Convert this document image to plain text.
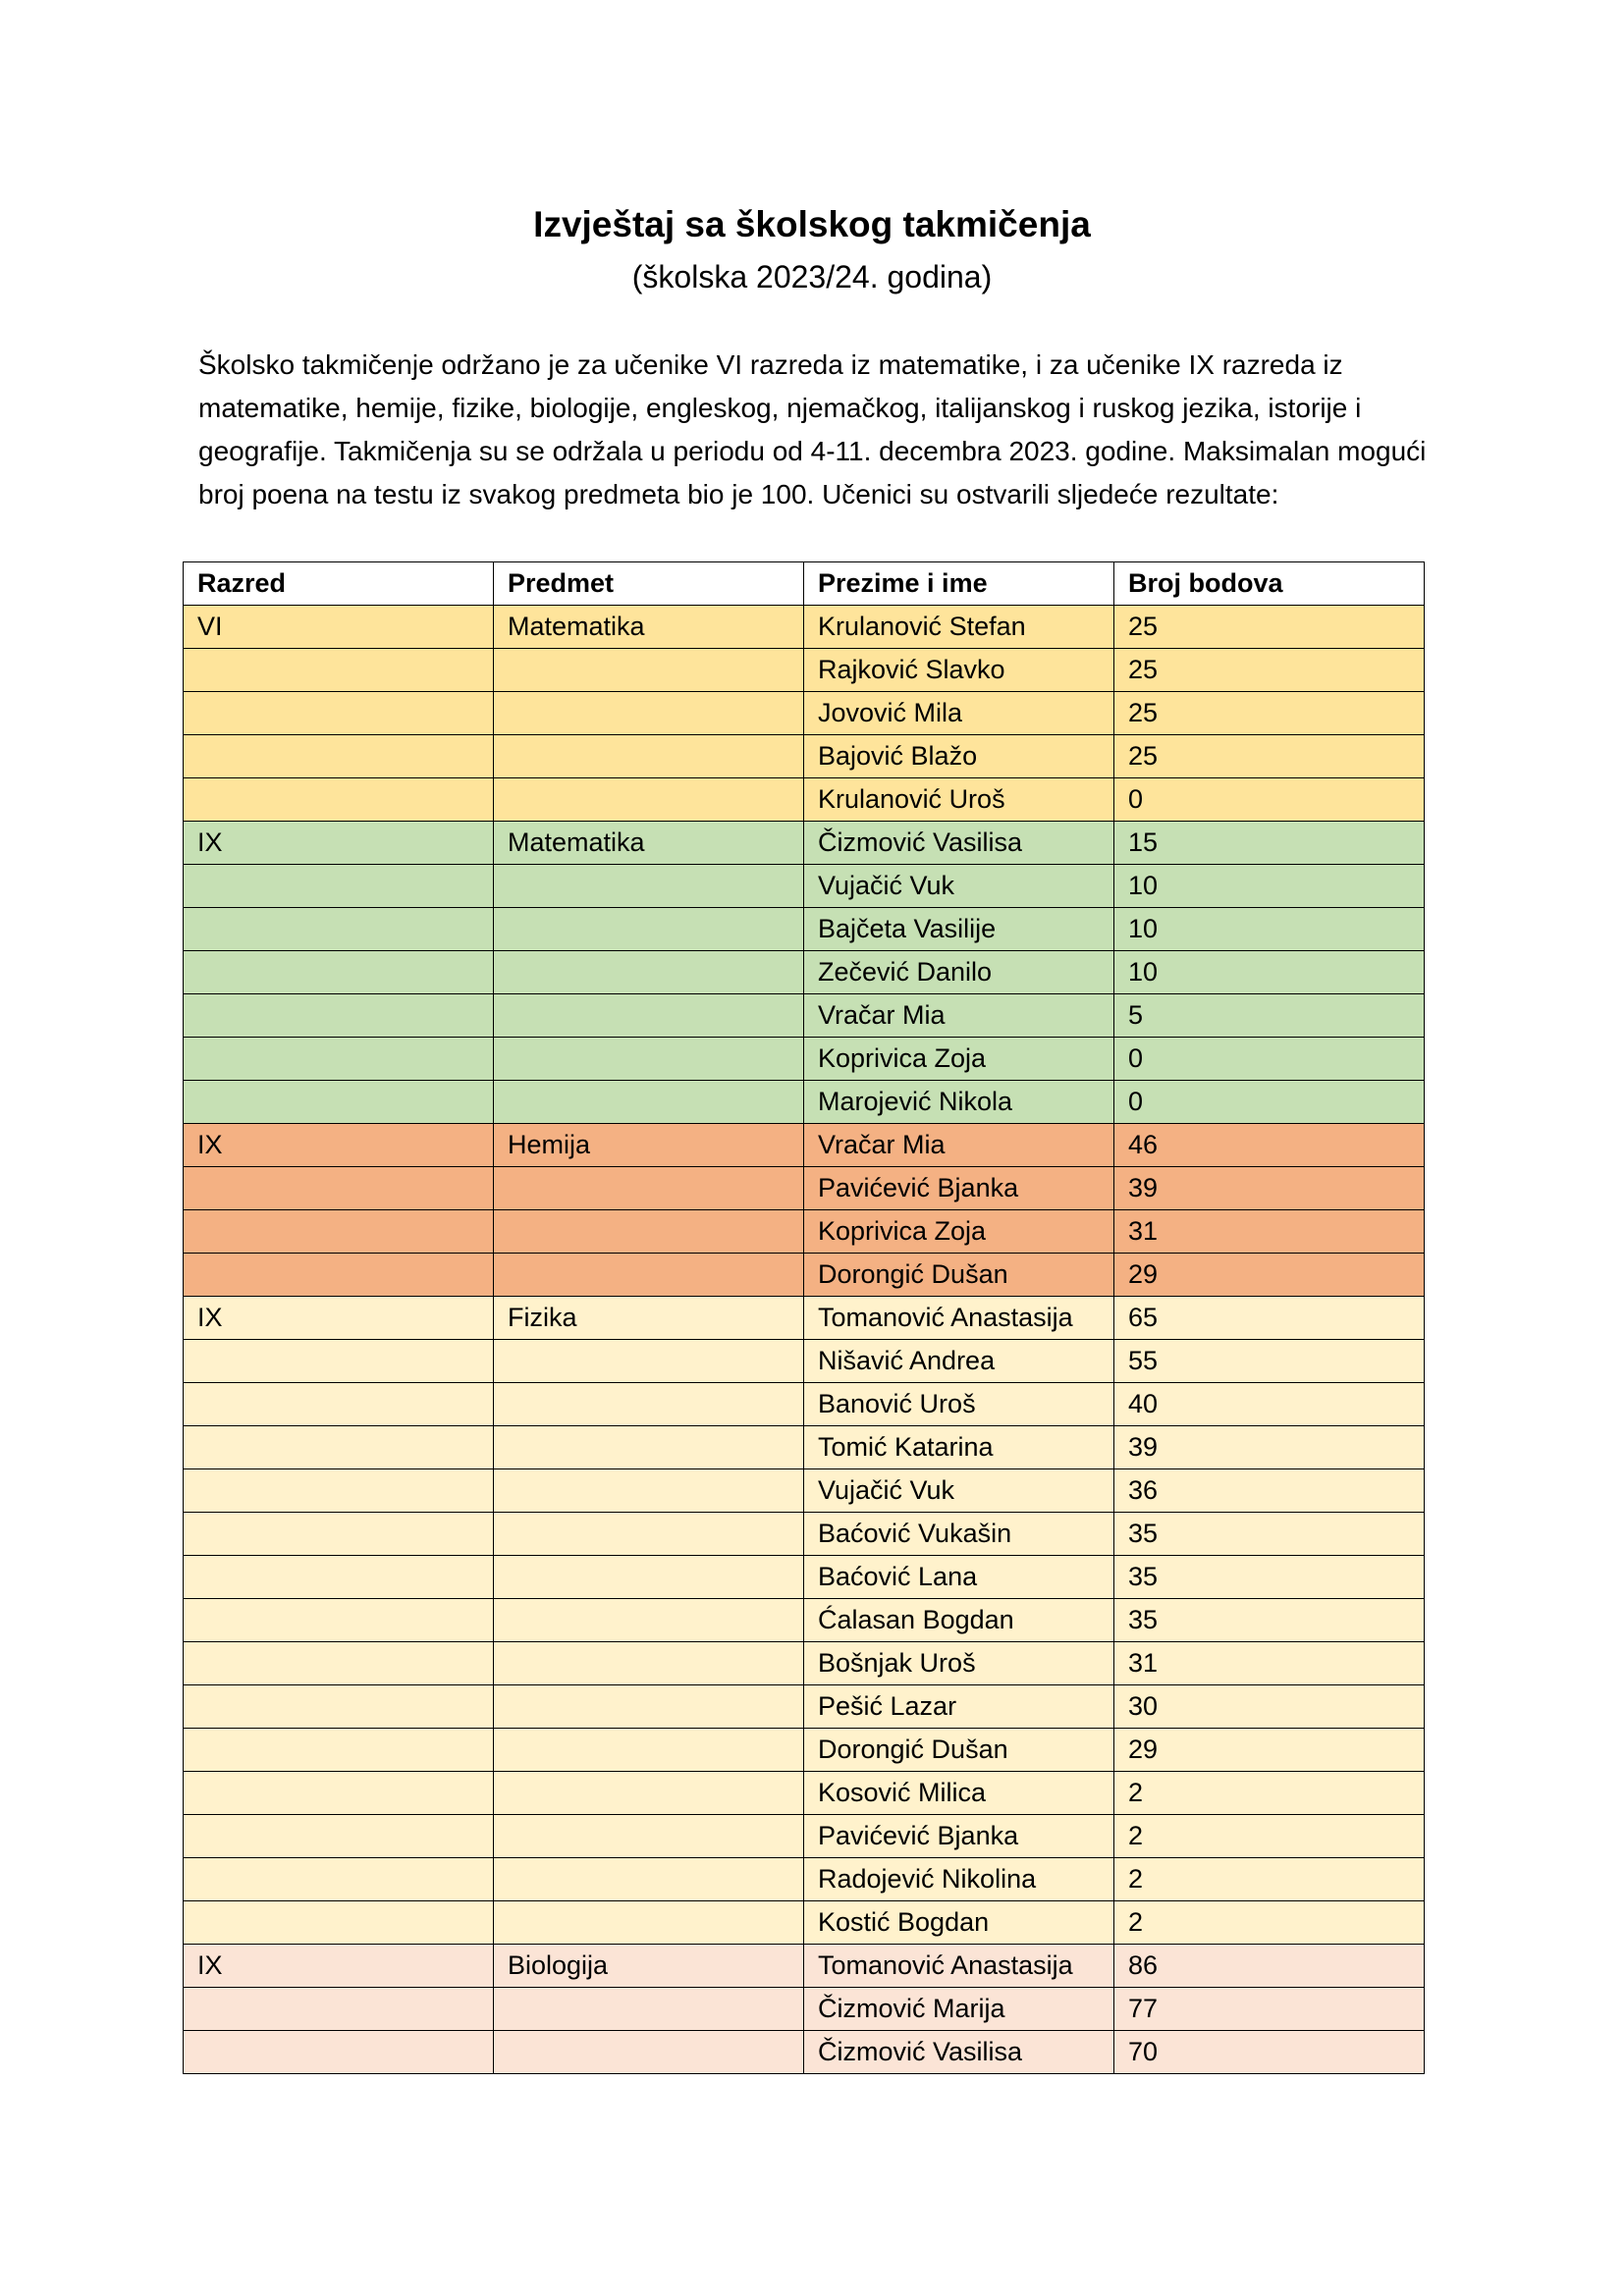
Izvještaj sa školskog takmičenja
(školska 2023/24. godina)

Školsko takmičenje održano je za učenike VI razreda iz matematike, i za učenike IX razreda iz matematike, hemije, fizike, biologije, engleskog, njemačkog, italijanskog i ruskog jezika, istorije i geografije. Takmičenja su se održala u periodu od 4-11. decembra 2023. godine. Maksimalan mogući broj poena na testu iz svakog predmeta bio je 100. Učenici su ostvarili sljedeće rezultate:

Razred	Predmet	Prezime i ime	Broj bodova
VI	Matematika	Krulanović Stefan	25
		Rajković Slavko	25
		Jovović Mila	25
		Bajović Blažo	25
		Krulanović Uroš	0
IX	Matematika	Čizmović Vasilisa	15
		Vujačić Vuk	10
		Bajčeta Vasilije	10
		Zečević Danilo	10
		Vračar Mia	5
		Koprivica Zoja	0
		Marojević Nikola	0
IX	Hemija	Vračar Mia	46
		Pavićević Bjanka	39
		Koprivica Zoja	31
		Dorongić Dušan	29
IX	Fizika	Tomanović Anastasija	65
		Nišavić Andrea	55
		Banović Uroš	40
		Tomić Katarina	39
		Vujačić Vuk	36
		Baćović Vukašin	35
		Baćović Lana	35
		Ćalasan Bogdan	35
		Bošnjak Uroš	31
		Pešić Lazar	30
		Dorongić Dušan	29
		Kosović Milica	2
		Pavićević Bjanka	2
		Radojević Nikolina	2
		Kostić Bogdan	2
IX	Biologija	Tomanović Anastasija	86
		Čizmović Marija	77
		Čizmović Vasilisa	70
